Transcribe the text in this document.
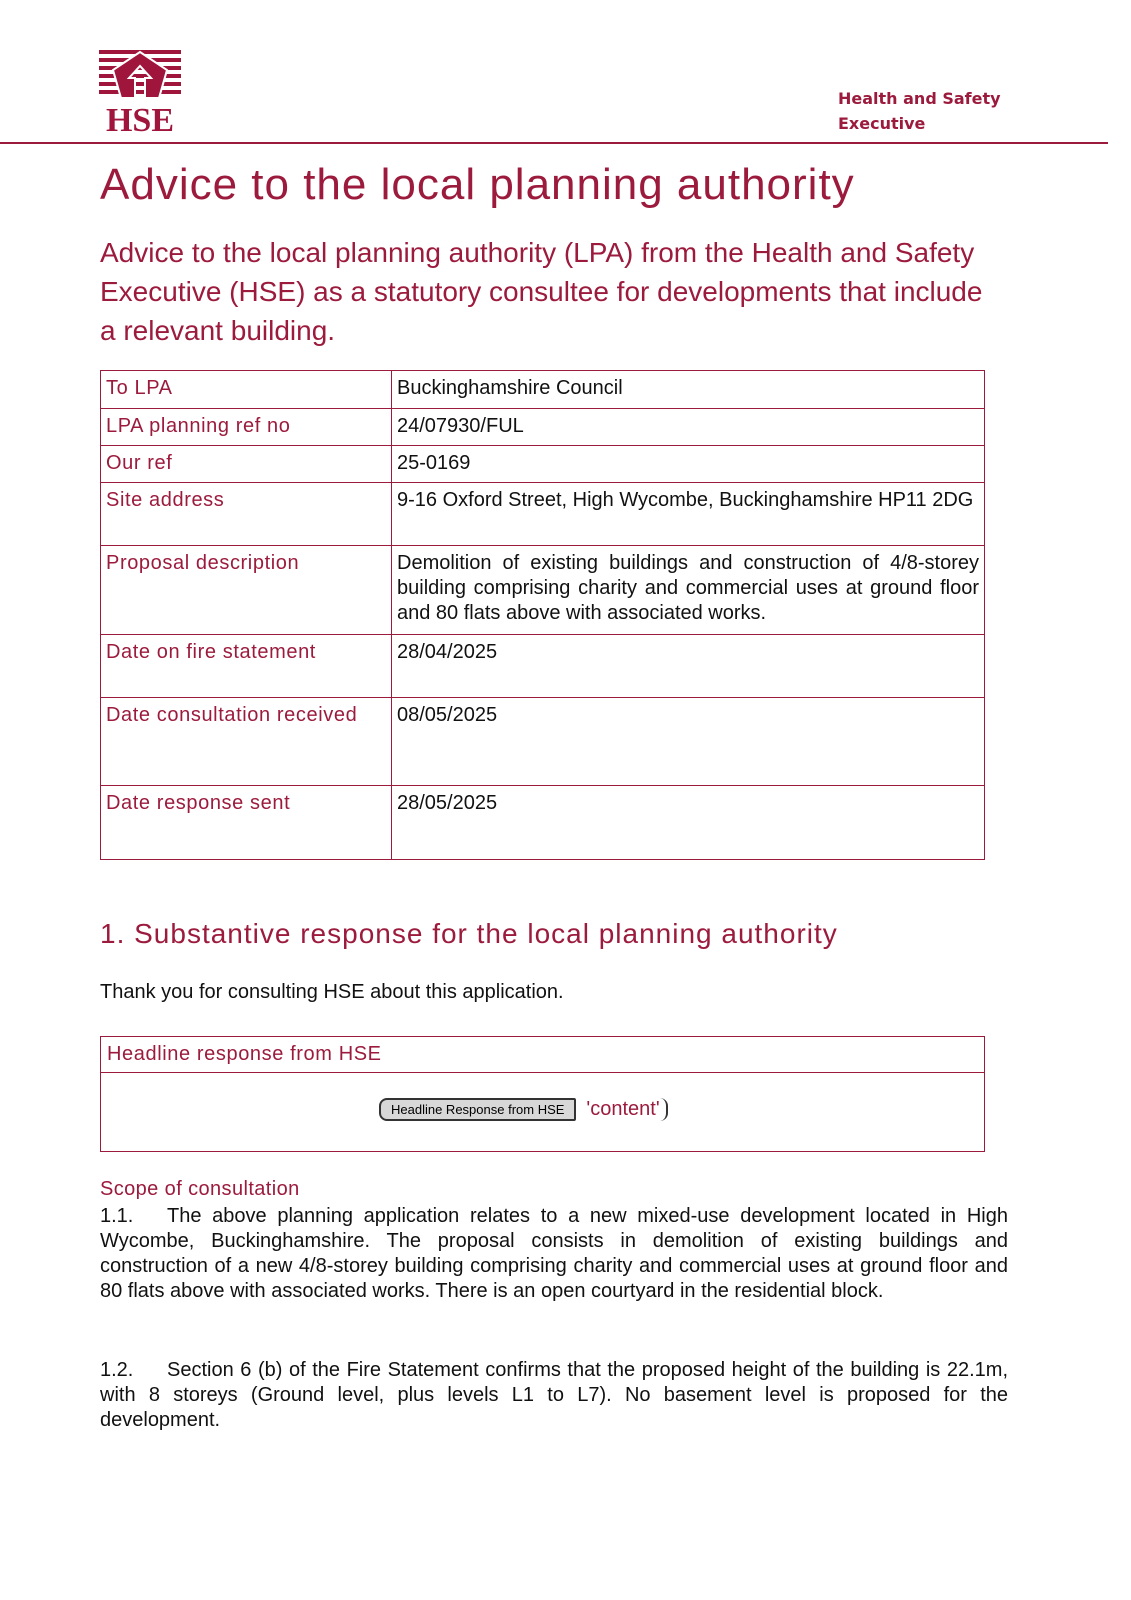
HSE
Health and Safety
Executive
Advice to the local planning authority

Advice to the local planning authority (LPA) from the Health and Safety Executive (HSE) as a statutory consultee for developments that include a relevant building.

To LPA	Buckinghamshire Council
LPA planning ref no	24/07930/FUL
Our ref	25-0169
Site address	9-16 Oxford Street, High Wycombe, Buckinghamshire HP11 2DG
Proposal description	Demolition of existing buildings and construction of 4/8-storey building comprising charity and commercial uses at ground floor and 80 flats above with associated works.
Date on fire statement	28/04/2025
Date consultation received	08/05/2025
Date response sent	28/05/2025
1. Substantive response for the local planning authority
Thank you for consulting HSE about this application.
Headline response from HSE
Headline Response from HSE	'content'
Scope of consultation

1.1. The above planning application relates to a new mixed-use development located in High Wycombe, Buckinghamshire. The proposal consists in demolition of existing buildings and construction of a new 4/8-storey building comprising charity and commercial uses at ground floor and 80 flats above with associated works. There is an open courtyard in the residential block.

1.2. Section 6 (b) of the Fire Statement confirms that the proposed height of the building is 22.1m, with 8 storeys (Ground level, plus levels L1 to L7). No basement level is proposed for the development.
